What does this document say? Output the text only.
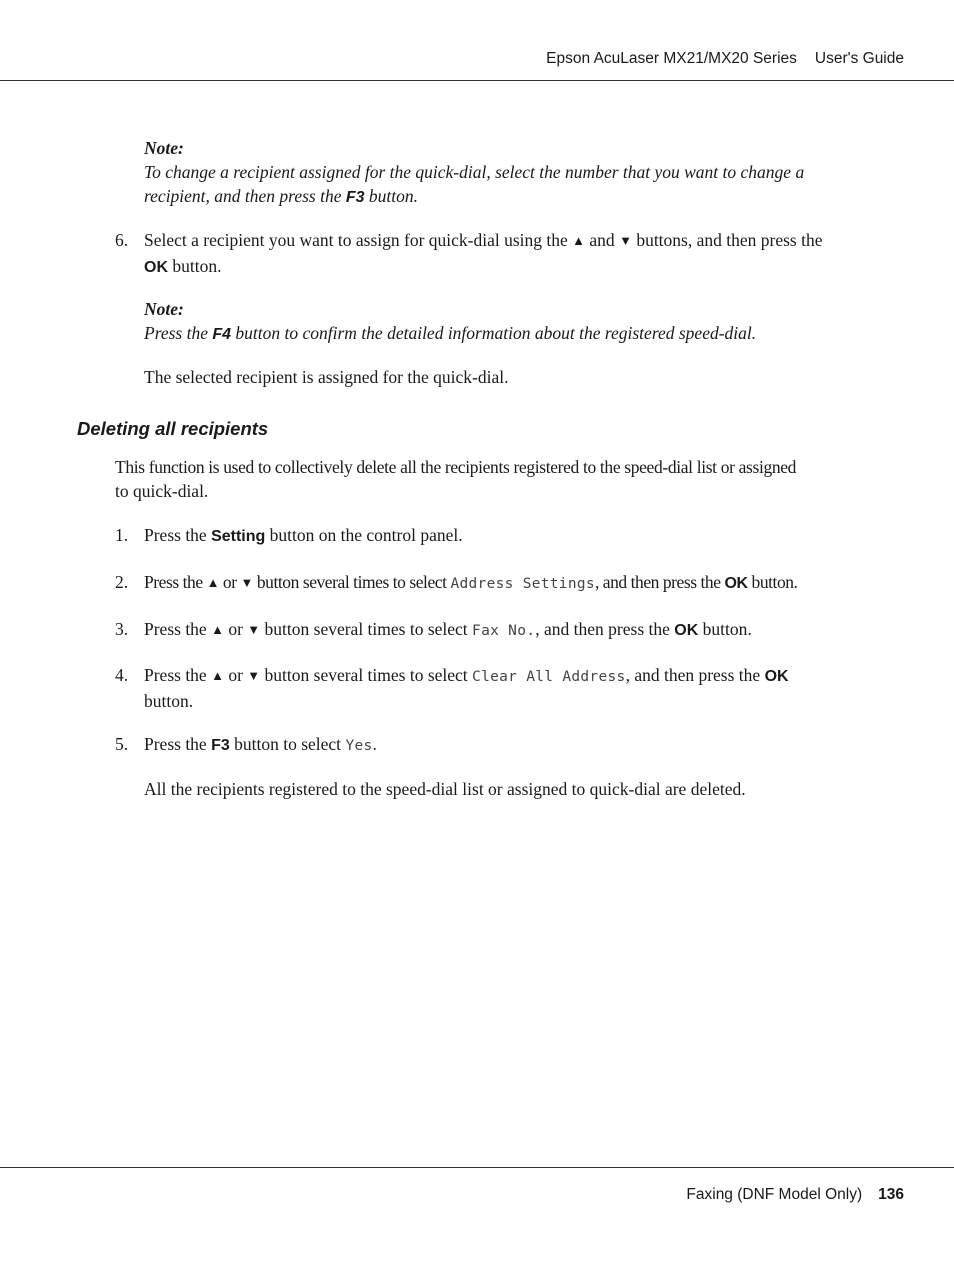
Epson AcuLaser MX21/MX20 Series User's Guide
Note:
To change a recipient assigned for the quick-dial, select the number that you want to change a
recipient, and then press the F3 button.
6. Select a recipient you want to assign for quick-dial using the ▲ and ▼ buttons, and then press the
OK button.
Note:
Press the F4 button to confirm the detailed information about the registered speed-dial.
The selected recipient is assigned for the quick-dial.
Deleting all recipients
This function is used to collectively delete all the recipients registered to the speed-dial list or assigned
to quick-dial.
1. Press the Setting button on the control panel.
2. Press the ▲ or ▼ button several times to select Address Settings, and then press the OK button.
3. Press the ▲ or ▼ button several times to select Fax No., and then press the OK button.
4. Press the ▲ or ▼ button several times to select Clear All Address, and then press the OK
button.
5. Press the F3 button to select Yes.
All the recipients registered to the speed-dial list or assigned to quick-dial are deleted.
Faxing (DNF Model Only) 136
